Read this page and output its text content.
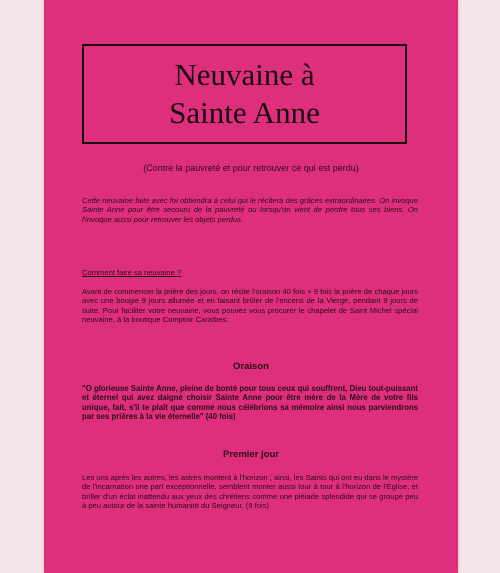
Neuvaine à
Sainte Anne
(Contre la pauvreté et pour retrouver ce qui est perdu)
Cette neuvaine faite avec foi obtiendra à celui qui le récitera des grâces extraordinaires. On invoque Sainte Anne pour être secouru de la pauvreté ou lorsqu'on vient de perdre tous ses biens. On l'invoque aussi pour retrouver les objets perdus.
Comment faire sa neuvaine ?
Avant de commencer la prière des jours, on récite l'oraison 40 fois + 9 fois la prière de chaque jours avec une bougie 9 jours allumée et en faisant brûler de l'encens de la Vierge, pendant 9 jours de suite. Pour faciliter votre neuvaine, vous pouvez vous procurer le chapelet de Saint Michel spécial neuvaine, à la boutique Comptoir Caraïbes.
Oraison
"O glorieuse Sainte Anne, pleine de bonté pour tous ceux qui souffrent, Dieu tout-puissant et éternel qui avez daigné choisir Sainte Anne pour être mère de la Mère de votre fils unique, fait, s'il te plaît que comme nous célébrions sa mémoire ainsi nous parviendrons par ses prières à la vie éternelle" (40 fois)
Premier jour
Les uns après les autres, les astres montent à l'horizon ; ainsi, les Saints qui ont eu dans le mystère de l'incarnation une part exceptionnelle, semblent monter aussi tour à tour à l'horizon de l'Eglise, et briller d'un éclat inattendu aux yeux des chrétiens comme une pléiade splendide qui se groupe peu à peu autour de la sainte humanité du Seigneur. (9 fois)
